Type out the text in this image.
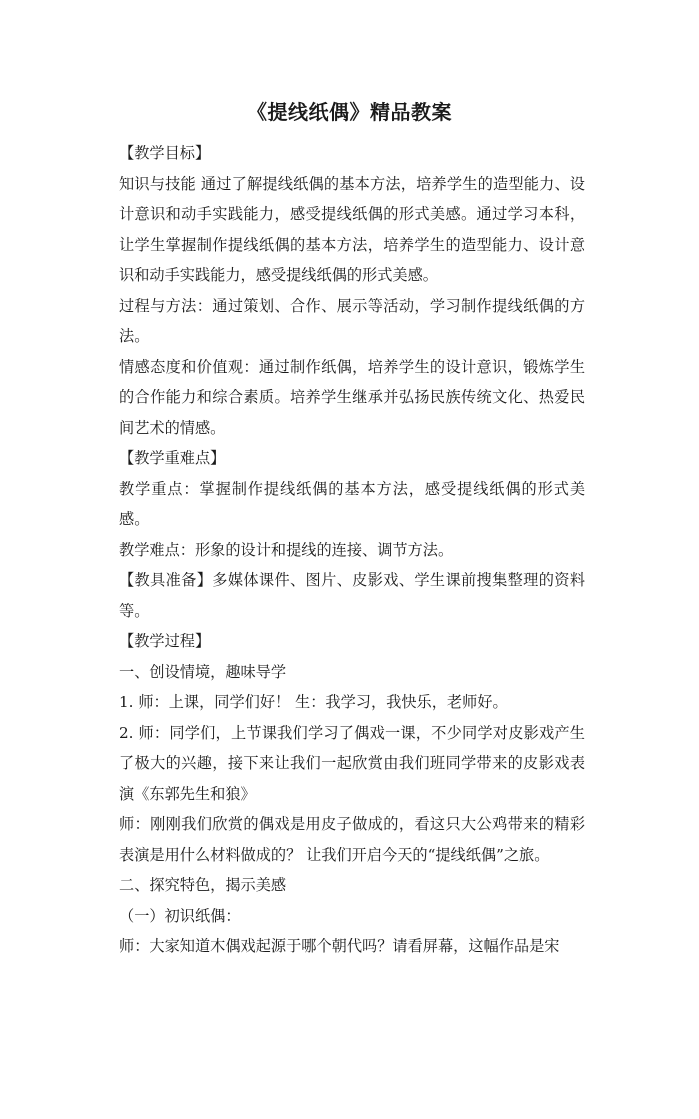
《提线纸偶》精品教案

【教学目标】

知识与技能 通过了解提线纸偶的基本方法，培养学生的造型能力、设计意识和动手实践能力，感受提线纸偶的形式美感。通过学习本科，让学生掌握制作提线纸偶的基本方法，培养学生的造型能力、设计意识和动手实践能力，感受提线纸偶的形式美感。

过程与方法：通过策划、合作、展示等活动，学习制作提线纸偶的方法。

情感态度和价值观：通过制作纸偶，培养学生的设计意识，锻炼学生的合作能力和综合素质。培养学生继承并弘扬民族传统文化、热爱民间艺术的情感。

【教学重难点】

教学重点：掌握制作提线纸偶的基本方法，感受提线纸偶的形式美感。

教学难点：形象的设计和提线的连接、调节方法。

【教具准备】多媒体课件、图片、皮影戏、学生课前搜集整理的资料等。

【教学过程】

一、创设情境，趣味导学

1. 师：上课，同学们好！ 生：我学习，我快乐，老师好。

2. 师：同学们，上节课我们学习了偶戏一课，不少同学对皮影戏产生了极大的兴趣，接下来让我们一起欣赏由我们班同学带来的皮影戏表演《东郭先生和狼》

师：刚刚我们欣赏的偶戏是用皮子做成的，看这只大公鸡带来的精彩表演是用什么材料做成的？ 让我们开启今天的“提线纸偶”之旅。

二、探究特色，揭示美感

（一）初识纸偶：

师：大家知道木偶戏起源于哪个朝代吗？请看屏幕，这幅作品是宋
